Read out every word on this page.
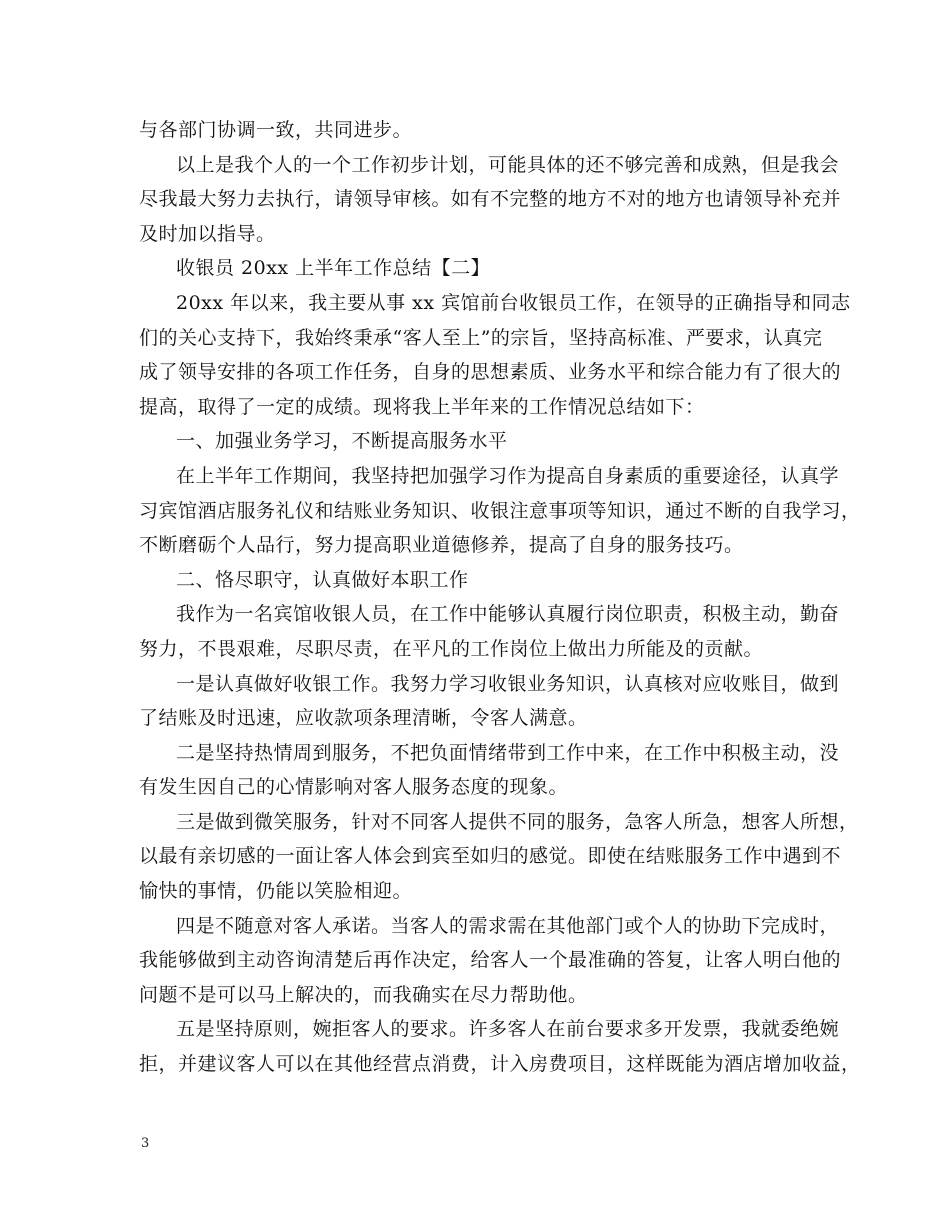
与各部门协调一致，共同进步。
以上是我个人的一个工作初步计划，可能具体的还不够完善和成熟，但是我会
尽我最大努力去执行，请领导审核。如有不完整的地方不对的地方也请领导补充并
及时加以指导。
收银员 20xx 上半年工作总结【二】
20xx 年以来，我主要从事 xx 宾馆前台收银员工作，在领导的正确指导和同志
们的关心支持下，我始终秉承“客人至上”的宗旨，坚持高标准、严要求，认真完
成了领导安排的各项工作任务，自身的思想素质、业务水平和综合能力有了很大的
提高，取得了一定的成绩。现将我上半年来的工作情况总结如下：
一、加强业务学习，不断提高服务水平
在上半年工作期间，我坚持把加强学习作为提高自身素质的重要途径，认真学
习宾馆酒店服务礼仪和结账业务知识、收银注意事项等知识，通过不断的自我学习，
不断磨砺个人品行，努力提高职业道德修养，提高了自身的服务技巧。
二、恪尽职守，认真做好本职工作
我作为一名宾馆收银人员，在工作中能够认真履行岗位职责，积极主动，勤奋
努力，不畏艰难，尽职尽责，在平凡的工作岗位上做出力所能及的贡献。
一是认真做好收银工作。我努力学习收银业务知识，认真核对应收账目，做到
了结账及时迅速，应收款项条理清晰，令客人满意。
二是坚持热情周到服务，不把负面情绪带到工作中来，在工作中积极主动，没
有发生因自己的心情影响对客人服务态度的现象。
三是做到微笑服务，针对不同客人提供不同的服务，急客人所急，想客人所想，
以最有亲切感的一面让客人体会到宾至如归的感觉。即使在结账服务工作中遇到不
愉快的事情，仍能以笑脸相迎。
四是不随意对客人承诺。当客人的需求需在其他部门或个人的协助下完成时，
我能够做到主动咨询清楚后再作决定，给客人一个最准确的答复，让客人明白他的
问题不是可以马上解决的，而我确实在尽力帮助他。
五是坚持原则，婉拒客人的要求。许多客人在前台要求多开发票，我就委绝婉
拒，并建议客人可以在其他经营点消费，计入房费项目，这样既能为酒店增加收益，
3
